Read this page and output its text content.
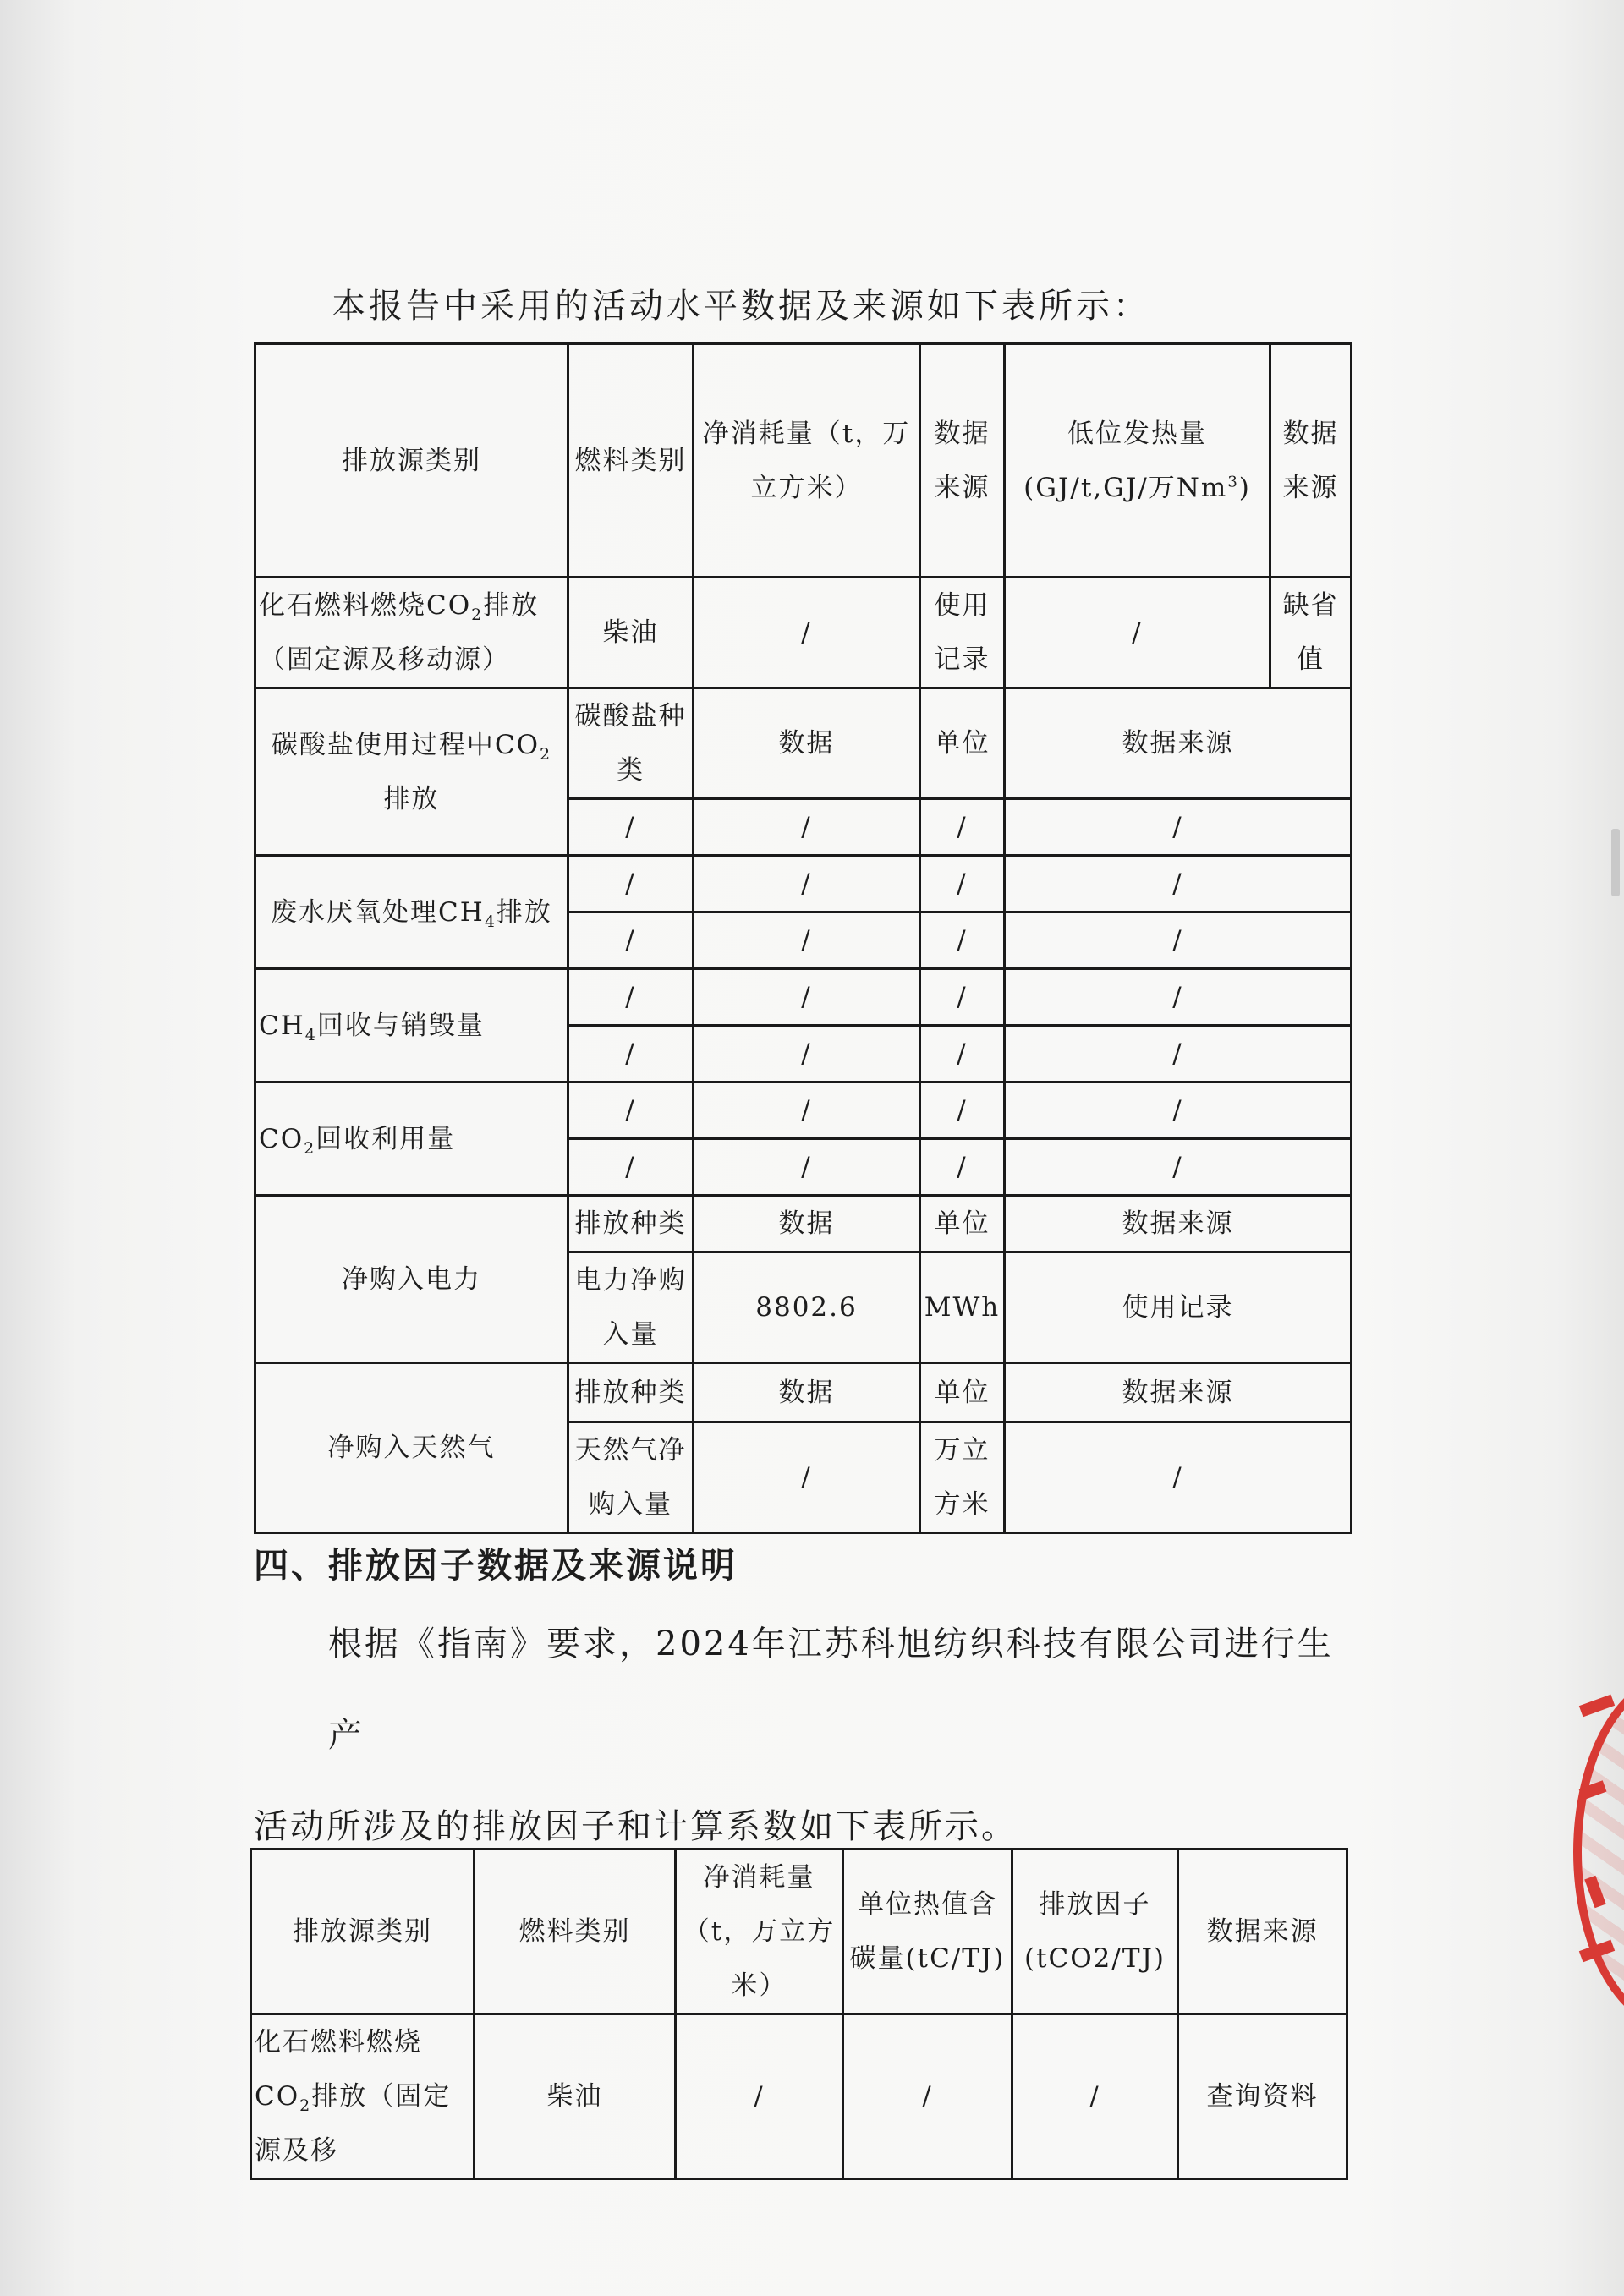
本报告中采用的活动水平数据及来源如下表所示：
排放源类别	燃料类别	净消耗量（t，万立方米）	数据来源	低位发热量(GJ/t,GJ/万Nm$^3$)	数据来源
化石燃料燃烧$CO_2$排放（固定源及移动源）	柴油	/	使用记录	/	缺省值
碳酸盐使用过程中$CO_2$排放	碳酸盐种类	数据	单位	数据来源	
	/	/	/	/	
废水厌氧处理$CH_4$排放	/	/	/	/	
	/	/	/	/	
$CH_4$回收与销毁量	/	/	/	/	
	/	/	/	/	
$CO_2$回收利用量	/	/	/	/	
	/	/	/	/	
净购入电力	排放种类	数据	单位	数据来源	
	电力净购入量	8802.6	MWh	使用记录	
净购入天然气	排放种类	数据	单位	数据来源	
	天然气净购入量	/	万立方米	/	
四、排放因子数据及来源说明

根据《指南》要求，2024年江苏科旭纺织科技有限公司进行生产

活动所涉及的排放因子和计算系数如下表所示。

排放源类别	燃料类别	净消耗量（t，万立方米）	单位热值含碳量(tC/TJ)	排放因子(tCO2/TJ)	数据来源
化石燃料燃烧$CO_2$排放（固定源及移	柴油	/	/	/	查询资料
